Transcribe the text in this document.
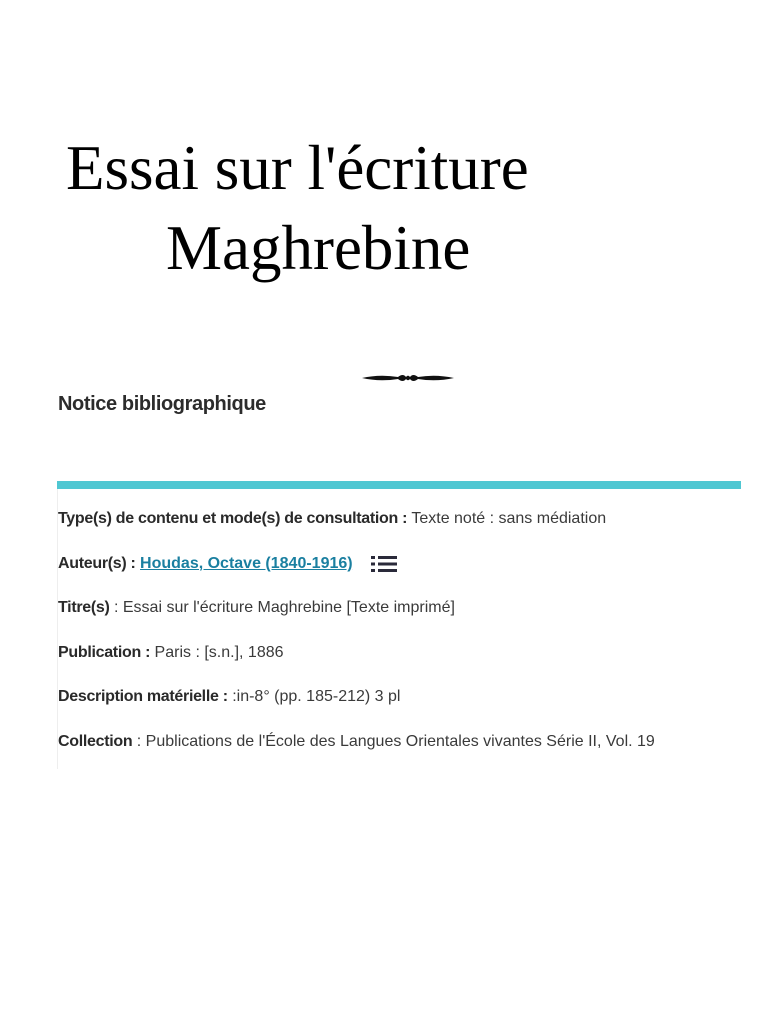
Essai sur l'écriture
Maghrebine
Notice bibliographique
Type(s) de contenu et mode(s) de consultation : Texte noté : sans médiation
Auteur(s) : Houdas, Octave (1840-1916)
Titre(s) : Essai sur l'écriture Maghrebine [Texte imprimé]
Publication : Paris : [s.n.], 1886
Description matérielle : :in-8° (pp. 185-212) 3 pl
Collection : Publications de l'École des Langues Orientales vivantes Série II, Vol. 19
